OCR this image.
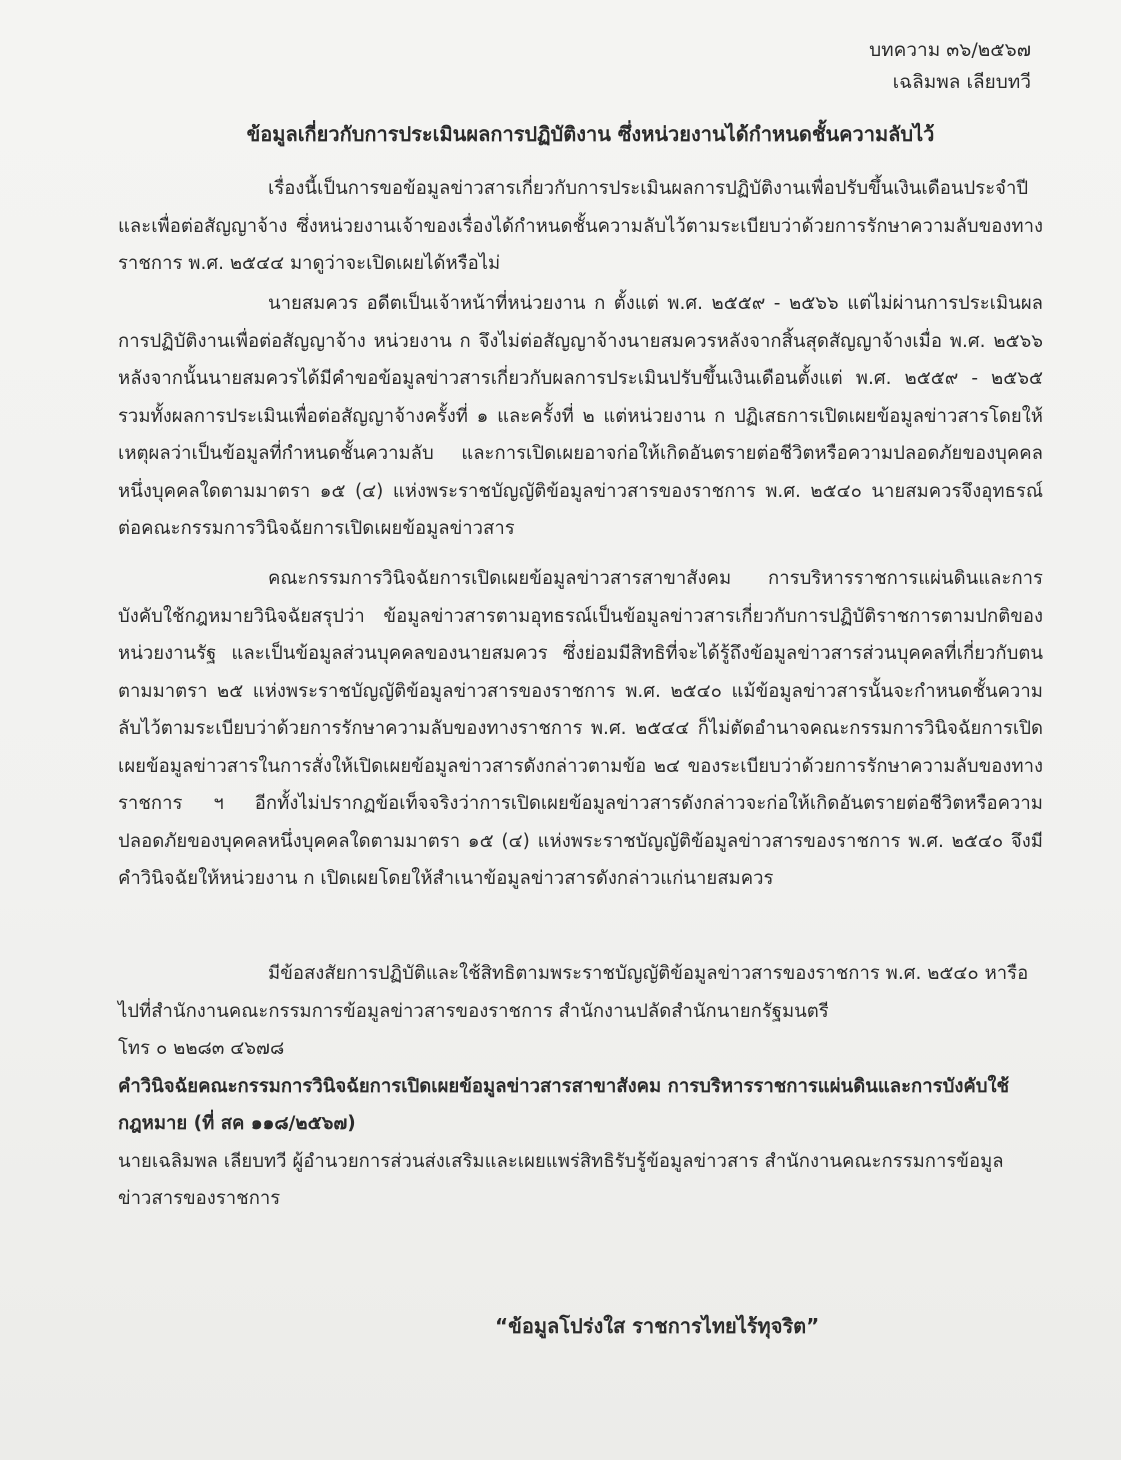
บทความ ๓๖/๒๕๖๗
เฉลิมพล เลียบทวี
ข้อมูลเกี่ยวกับการประเมินผลการปฏิบัติงาน ซึ่งหน่วยงานได้กำหนดชั้นความลับไว้

เรื่องนี้เป็นการขอข้อมูลข่าวสารเกี่ยวกับการประเมินผลการปฏิบัติงานเพื่อปรับขึ้นเงินเดือนประจำปีและเพื่อต่อสัญญาจ้าง ซึ่งหน่วยงานเจ้าของเรื่องได้กำหนดชั้นความลับไว้ตามระเบียบว่าด้วยการรักษาความลับของทางราชการ พ.ศ. ๒๕๔๔ มาดูว่าจะเปิดเผยได้หรือไม่

นายสมควร อดีตเป็นเจ้าหน้าที่หน่วยงาน ก ตั้งแต่ พ.ศ. ๒๕๕๙ - ๒๕๖๖ แต่ไม่ผ่านการประเมินผลการปฏิบัติงานเพื่อต่อสัญญาจ้าง หน่วยงาน ก จึงไม่ต่อสัญญาจ้างนายสมควรหลังจากสิ้นสุดสัญญาจ้างเมื่อ พ.ศ. ๒๕๖๖ หลังจากนั้นนายสมควรได้มีคำขอข้อมูลข่าวสารเกี่ยวกับผลการประเมินปรับขึ้นเงินเดือนตั้งแต่ พ.ศ. ๒๕๕๙ - ๒๕๖๕ รวมทั้งผลการประเมินเพื่อต่อสัญญาจ้างครั้งที่ ๑ และครั้งที่ ๒ แต่หน่วยงาน ก ปฏิเสธการเปิดเผยข้อมูลข่าวสารโดยให้เหตุผลว่าเป็นข้อมูลที่กำหนดชั้นความลับ และการเปิดเผยอาจก่อให้เกิดอันตรายต่อชีวิตหรือความปลอดภัยของบุคคลหนึ่งบุคคลใดตามมาตรา ๑๕ (๔) แห่งพระราชบัญญัติข้อมูลข่าวสารของราชการ พ.ศ. ๒๕๔๐ นายสมควรจึงอุทธรณ์ต่อคณะกรรมการวินิจฉัยการเปิดเผยข้อมูลข่าวสาร

คณะกรรมการวินิจฉัยการเปิดเผยข้อมูลข่าวสารสาขาสังคม การบริหารราชการแผ่นดินและการบังคับใช้กฎหมายวินิจฉัยสรุปว่า ข้อมูลข่าวสารตามอุทธรณ์เป็นข้อมูลข่าวสารเกี่ยวกับการปฏิบัติราชการตามปกติของหน่วยงานรัฐ และเป็นข้อมูลส่วนบุคคลของนายสมควร ซึ่งย่อมมีสิทธิที่จะได้รู้ถึงข้อมูลข่าวสารส่วนบุคคลที่เกี่ยวกับตนตามมาตรา ๒๕ แห่งพระราชบัญญัติข้อมูลข่าวสารของราชการ พ.ศ. ๒๕๔๐ แม้ข้อมูลข่าวสารนั้นจะกำหนดชั้นความลับไว้ตามระเบียบว่าด้วยการรักษาความลับของทางราชการ พ.ศ. ๒๕๔๔ ก็ไม่ตัดอำนาจคณะกรรมการวินิจฉัยการเปิดเผยข้อมูลข่าวสารในการสั่งให้เปิดเผยข้อมูลข่าวสารดังกล่าวตามข้อ ๒๔ ของระเบียบว่าด้วยการรักษาความลับของทางราชการ ฯ อีกทั้งไม่ปรากฏข้อเท็จจริงว่าการเปิดเผยข้อมูลข่าวสารดังกล่าวจะก่อให้เกิดอันตรายต่อชีวิตหรือความปลอดภัยของบุคคลหนึ่งบุคคลใดตามมาตรา ๑๕ (๔) แห่งพระราชบัญญัติข้อมูลข่าวสารของราชการ พ.ศ. ๒๕๔๐ จึงมีคำวินิจฉัยให้หน่วยงาน ก เปิดเผยโดยให้สำเนาข้อมูลข่าวสารดังกล่าวแก่นายสมควร

มีข้อสงสัยการปฏิบัติและใช้สิทธิตามพระราชบัญญัติข้อมูลข่าวสารของราชการ พ.ศ. ๒๕๔๐ หารือไปที่สำนักงานคณะกรรมการข้อมูลข่าวสารของราชการ สำนักงานปลัดสำนักนายกรัฐมนตรี

โทร ๐ ๒๒๘๓ ๔๖๗๘

คำวินิจฉัยคณะกรรมการวินิจฉัยการเปิดเผยข้อมูลข่าวสารสาขาสังคม การบริหารราชการแผ่นดินและการบังคับใช้กฎหมาย (ที่ สค ๑๑๘/๒๕๖๗)

นายเฉลิมพล เลียบทวี ผู้อำนวยการส่วนส่งเสริมและเผยแพร่สิทธิรับรู้ข้อมูลข่าวสาร สำนักงานคณะกรรมการข้อมูลข่าวสารของราชการ

“ข้อมูลโปร่งใส ราชการไทยไร้ทุจริต”
